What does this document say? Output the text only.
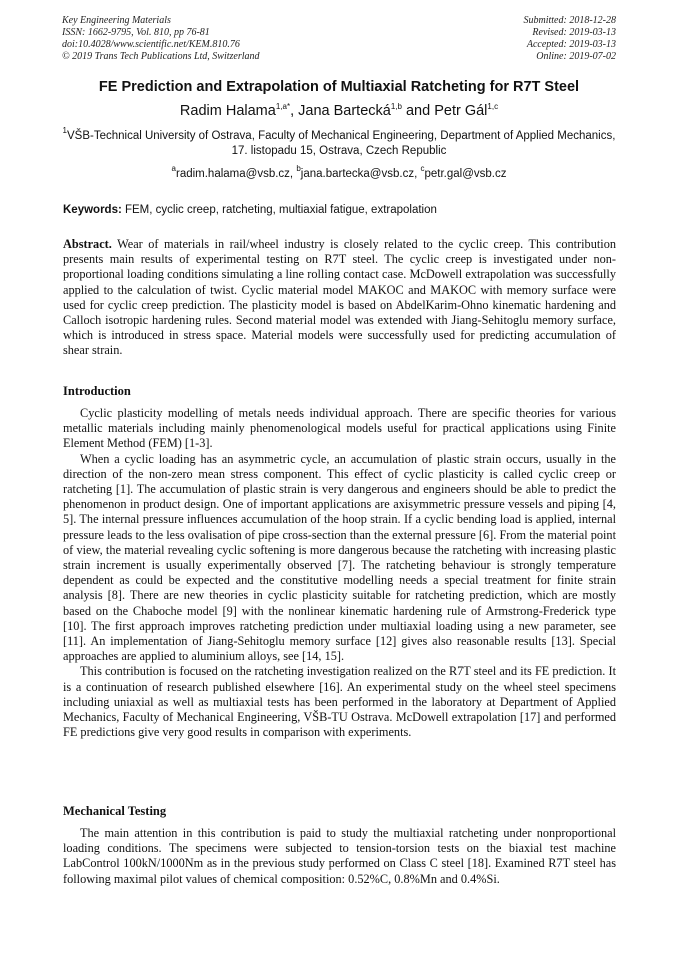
Key Engineering Materials
ISSN: 1662-9795, Vol. 810, pp 76-81
doi:10.4028/www.scientific.net/KEM.810.76
© 2019 Trans Tech Publications Ltd, Switzerland
Submitted: 2018-12-28
Revised: 2019-03-13
Accepted: 2019-03-13
Online: 2019-07-02
FE Prediction and Extrapolation of Multiaxial Ratcheting for R7T Steel
Radim Halama$^{1,a*}$, Jana Bartecká$^{1,b}$ and Petr Gál$^{1,c}$
$^1$VŠB-Technical University of Ostrava, Faculty of Mechanical Engineering, Department of Applied Mechanics, 17. listopadu 15, Ostrava, Czech Republic
$^a$radim.halama@vsb.cz, $^b$jana.bartecka@vsb.cz, $^c$petr.gal@vsb.cz
Keywords: FEM, cyclic creep, ratcheting, multiaxial fatigue, extrapolation

Abstract. Wear of materials in rail/wheel industry is closely related to the cyclic creep. This contribution presents main results of experimental testing on R7T steel. The cyclic creep is investigated under non-proportional loading conditions simulating a line rolling contact case. McDowell extrapolation was successfully applied to the calculation of twist. Cyclic material model MAKOC and MAKOC with memory surface were used for cyclic creep prediction. The plasticity model is based on AbdelKarim-Ohno kinematic hardening and Calloch isotropic hardening rules. Second material model was extended with Jiang-Sehitoglu memory surface, which is introduced in stress space. Material models were successfully used for predicting accumulation of shear strain.

Introduction

Cyclic plasticity modelling of metals needs individual approach. There are specific theories for various metallic materials including mainly phenomenological models useful for practical applications using Finite Element Method (FEM) [1-3].

When a cyclic loading has an asymmetric cycle, an accumulation of plastic strain occurs, usually in the direction of the non-zero mean stress component. This effect of cyclic plasticity is called cyclic creep or ratcheting [1]. The accumulation of plastic strain is very dangerous and engineers should be able to predict the phenomenon in product design. One of important applications are axisymmetric pressure vessels and piping [4, 5]. The internal pressure influences accumulation of the hoop strain. If a cyclic bending load is applied, internal pressure leads to the less ovalisation of pipe cross-section than the external pressure [6]. From the material point of view, the material revealing cyclic softening is more dangerous because the ratcheting with increasing plastic strain increment is usually experimentally observed [7]. The ratcheting behaviour is strongly temperature dependent as could be expected and the constitutive modelling needs a special treatment for finite strain analysis [8]. There are new theories in cyclic plasticity suitable for ratcheting prediction, which are mostly based on the Chaboche model [9] with the nonlinear kinematic hardening rule of Armstrong-Frederick type [10]. The first approach improves ratcheting prediction under multiaxial loading using a new parameter, see [11]. An implementation of Jiang-Sehitoglu memory surface [12] gives also reasonable results [13]. Special approaches are applied to aluminium alloys, see [14, 15].

This contribution is focused on the ratcheting investigation realized on the R7T steel and its FE prediction. It is a continuation of research published elsewhere [16]. An experimental study on the wheel steel specimens including uniaxial as well as multiaxial tests has been performed in the laboratory at Department of Applied Mechanics, Faculty of Mechanical Engineering, VŠB-TU Ostrava. McDowell extrapolation [17] and performed FE predictions give very good results in comparison with experiments.

Mechanical Testing

The main attention in this contribution is paid to study the multiaxial ratcheting under nonproportional loading conditions. The specimens were subjected to tension-torsion tests on the biaxial test machine LabControl 100kN/1000Nm as in the previous study performed on Class C steel [18]. Examined R7T steel has following maximal pilot values of chemical composition: 0.52%C, 0.8%Mn and 0.4%Si.
